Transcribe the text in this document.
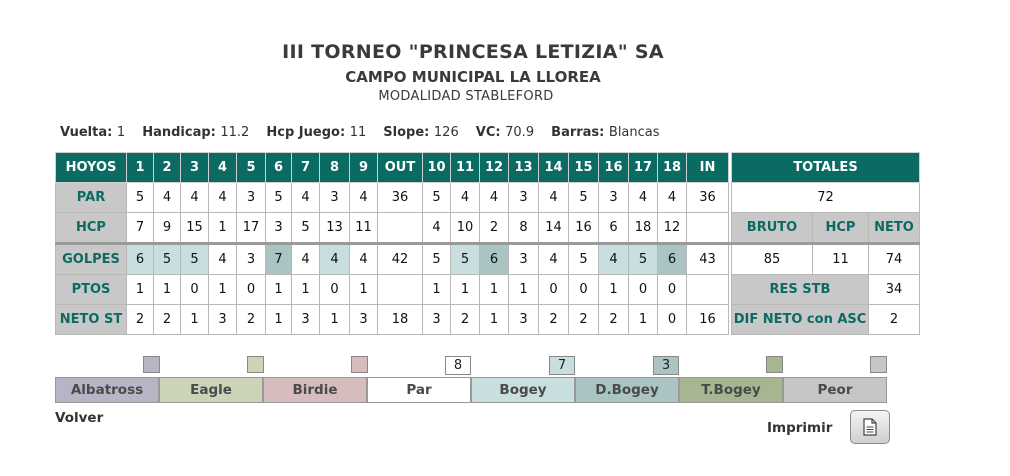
III TORNEO "PRINCESA LETIZIA" SA
CAMPO MUNICIPAL LA LLOREA
MODALIDAD STABLEFORD
Vuelta: 1 Handicap: 11.2 Hcp Juego: 11 Slope: 126 VC: 70.9 Barras: Blancas
HOYOS	1	2	3	4	5	6	7	8	9	OUT	10	11	12	13	14	15	16	17	18	IN		TOTALES		
PAR	5	4	4	4	3	5	4	3	4	36	5	4	4	3	4	5	3	4	4	36		72		
HCP	7	9	15	1	17	3	5	13	11		4	10	2	8	14	16	6	18	12			BRUTO	HCP	NETO
GOLPES	6	5	5	4	3	7	4	4	4	42	5	5	6	3	4	5	4	5	6	43		85	11	74
PTOS	1	1	0	1	0	1	1	0	1		1	1	1	1	0	0	1	0	0			RES STB		34
NETO ST	2	2	1	3	2	1	3	1	3	18	3	2	1	3	2	2	2	1	0	16		DIF NETO con ASC		2
8	7	3
Albatross	Eagle	Birdie	Par	Bogey	D.Bogey	T.Bogey	Peor
Volver
Imprimir
